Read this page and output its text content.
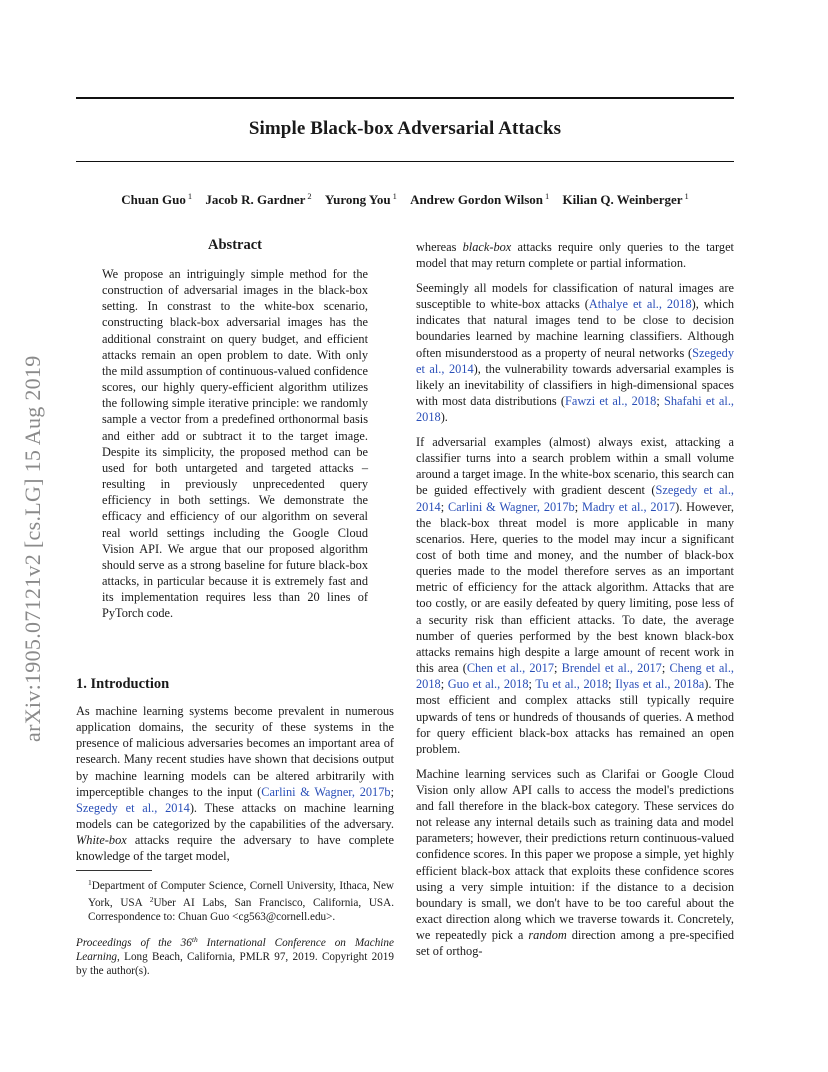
Simple Black-box Adversarial Attacks
Chuan Guo $^1$ Jacob R. Gardner $^2$ Yurong You $^1$ Andrew Gordon Wilson $^1$ Kilian Q. Weinberger $^1$
arXiv:1905.07121v2 [cs.LG] 15 Aug 2019
Abstract

We propose an intriguingly simple method for the construction of adversarial images in the black-box setting. In constrast to the white-box scenario, constructing black-box adversarial images has the additional constraint on query budget, and efficient attacks remain an open problem to date. With only the mild assumption of continuous-valued confidence scores, our highly query-efficient algorithm utilizes the following simple iterative principle: we randomly sample a vector from a predefined orthonormal basis and either add or subtract it to the target image. Despite its simplicity, the proposed method can be used for both untargeted and targeted attacks – resulting in previously unprecedented query efficiency in both settings. We demonstrate the efficacy and efficiency of our algorithm on several real world settings including the Google Cloud Vision API. We argue that our proposed algorithm should serve as a strong baseline for future black-box attacks, in particular because it is extremely fast and its implementation requires less than 20 lines of PyTorch code.

1. Introduction

As machine learning systems become prevalent in numerous application domains, the security of these systems in the presence of malicious adversaries becomes an important area of research. Many recent studies have shown that decisions output by machine learning models can be altered arbitrarily with imperceptible changes to the input (Carlini & Wagner, 2017b; Szegedy et al., 2014). These attacks on machine learning models can be categorized by the capabilities of the adversary. White-box attacks require the adversary to have complete knowledge of the target model,

whereas black-box attacks require only queries to the target model that may return complete or partial information.

Seemingly all models for classification of natural images are susceptible to white-box attacks (Athalye et al., 2018), which indicates that natural images tend to be close to decision boundaries learned by machine learning classifiers. Although often misunderstood as a property of neural networks (Szegedy et al., 2014), the vulnerability towards adversarial examples is likely an inevitability of classifiers in high-dimensional spaces with most data distributions (Fawzi et al., 2018; Shafahi et al., 2018).

If adversarial examples (almost) always exist, attacking a classifier turns into a search problem within a small volume around a target image. In the white-box scenario, this search can be guided effectively with gradient descent (Szegedy et al., 2014; Carlini & Wagner, 2017b; Madry et al., 2017). However, the black-box threat model is more applicable in many scenarios. Here, queries to the model may incur a significant cost of both time and money, and the number of black-box queries made to the model therefore serves as an important metric of efficiency for the attack algorithm. Attacks that are too costly, or are easily defeated by query limiting, pose less of a security risk than efficient attacks. To date, the average number of queries performed by the best known black-box attacks remains high despite a large amount of recent work in this area (Chen et al., 2017; Brendel et al., 2017; Cheng et al., 2018; Guo et al., 2018; Tu et al., 2018; Ilyas et al., 2018a). The most efficient and complex attacks still typically require upwards of tens or hundreds of thousands of queries. A method for query efficient black-box attacks has remained an open problem.

Machine learning services such as Clarifai or Google Cloud Vision only allow API calls to access the model's predictions and fall therefore in the black-box category. These services do not release any internal details such as training data and model parameters; however, their predictions return continuous-valued confidence scores. In this paper we propose a simple, yet highly efficient black-box attack that exploits these confidence scores using a very simple intuition: if the distance to a decision boundary is small, we don't have to be too careful about the exact direction along which we traverse towards it. Concretely, we repeatedly pick a random direction among a pre-specified set of orthog-

$^1$Department of Computer Science, Cornell University, Ithaca, New York, USA $^2$Uber AI Labs, San Francisco, California, USA. Correspondence to: Chuan Guo <cg563@cornell.edu>.

Proceedings of the 36th International Conference on Machine Learning, Long Beach, California, PMLR 97, 2019. Copyright 2019 by the author(s).
